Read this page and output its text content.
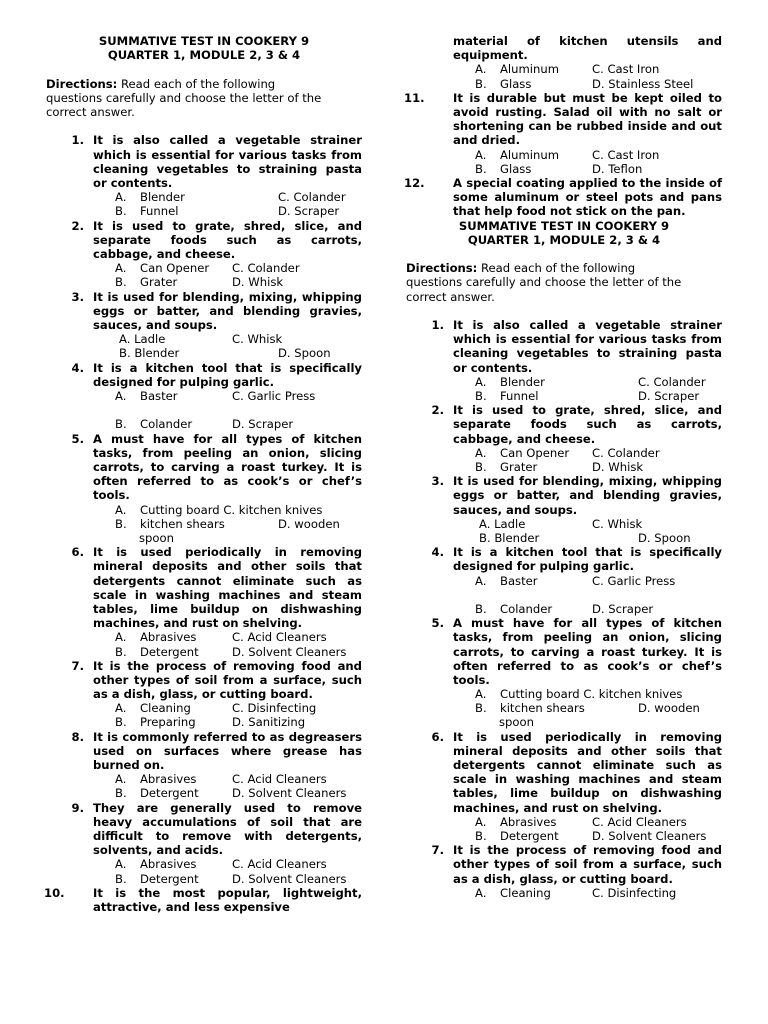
SUMMATIVE TEST IN COOKERY 9
QUARTER 1, MODULE 2, 3 & 4
Directions: Read each of the following
questions carefully and choose the letter of the
correct answer.
1. It is also called a vegetable strainer which is essential for various tasks from cleaning vegetables to straining pasta or contents.
A. Blender	C. Colander
B. Funnel	D. Scraper
2. It is used to grate, shred, slice, and separate foods such as carrots, cabbage, and cheese.
A. Can Opener C. Colander
B. Grater	D. Whisk
3. It is used for blending, mixing, whipping eggs or batter, and blending gravies, sauces, and soups.
A. Ladle	C. Whisk
B. Blender	D. Spoon
4. It is a kitchen tool that is specifically designed for pulping garlic.
A. Baster	C. Garlic Press
B. Colander	D. Scraper
5. A must have for all types of kitchen tasks, from peeling an onion, slicing carrots, to carving a roast turkey. It is often referred to as cook’s or chef’s tools.
A. Cutting board C. kitchen knives
B. kitchen shears	D. wooden
spoon
6. It is used periodically in removing mineral deposits and other soils that detergents cannot eliminate such as scale in washing machines and steam tables, lime buildup on dishwashing machines, and rust on shelving.
A. Abrasives	C. Acid Cleaners
B. Detergent	D. Solvent Cleaners
7. It is the process of removing food and other types of soil from a surface, such as a dish, glass, or cutting board.
A. Cleaning	C. Disinfecting
B. Preparing	D. Sanitizing
8. It is commonly referred to as degreasers used on surfaces where grease has burned on.
A. Abrasives	C. Acid Cleaners
B. Detergent	D. Solvent Cleaners
9. They are generally used to remove heavy accumulations of soil that are difficult to remove with detergents, solvents, and acids.
A. Abrasives	C. Acid Cleaners
B. Detergent	D. Solvent Cleaners
10.	It is the most popular, lightweight, attractive, and less expensive
material of kitchen utensils and equipment.
A. Aluminum	C. Cast Iron
B. Glass	D. Stainless Steel
11.	It is durable but must be kept oiled to avoid rusting. Salad oil with no salt or shortening can be rubbed inside and out and dried.
A. Aluminum	C. Cast Iron
B. Glass	D. Teflon
12.	A special coating applied to the inside of some aluminum or steel pots and pans that help food not stick on the pan.
SUMMATIVE TEST IN COOKERY 9
QUARTER 1, MODULE 2, 3 & 4
Directions: Read each of the following
questions carefully and choose the letter of the
correct answer.
1. It is also called a vegetable strainer which is essential for various tasks from cleaning vegetables to straining pasta or contents.
A. Blender	C. Colander
B. Funnel	D. Scraper
2. It is used to grate, shred, slice, and separate foods such as carrots, cabbage, and cheese.
A. Can Opener C. Colander
B. Grater	D. Whisk
3. It is used for blending, mixing, whipping eggs or batter, and blending gravies, sauces, and soups.
A. Ladle	C. Whisk
B. Blender	D. Spoon
4. It is a kitchen tool that is specifically designed for pulping garlic.
A. Baster	C. Garlic Press
B. Colander	D. Scraper
5. A must have for all types of kitchen tasks, from peeling an onion, slicing carrots, to carving a roast turkey. It is often referred to as cook’s or chef’s tools.
A. Cutting board C. kitchen knives
B. kitchen shears	D. wooden
spoon
6. It is used periodically in removing mineral deposits and other soils that detergents cannot eliminate such as scale in washing machines and steam tables, lime buildup on dishwashing machines, and rust on shelving.
A. Abrasives	C. Acid Cleaners
B. Detergent	D. Solvent Cleaners
7. It is the process of removing food and other types of soil from a surface, such as a dish, glass, or cutting board.
A. Cleaning	C. Disinfecting
